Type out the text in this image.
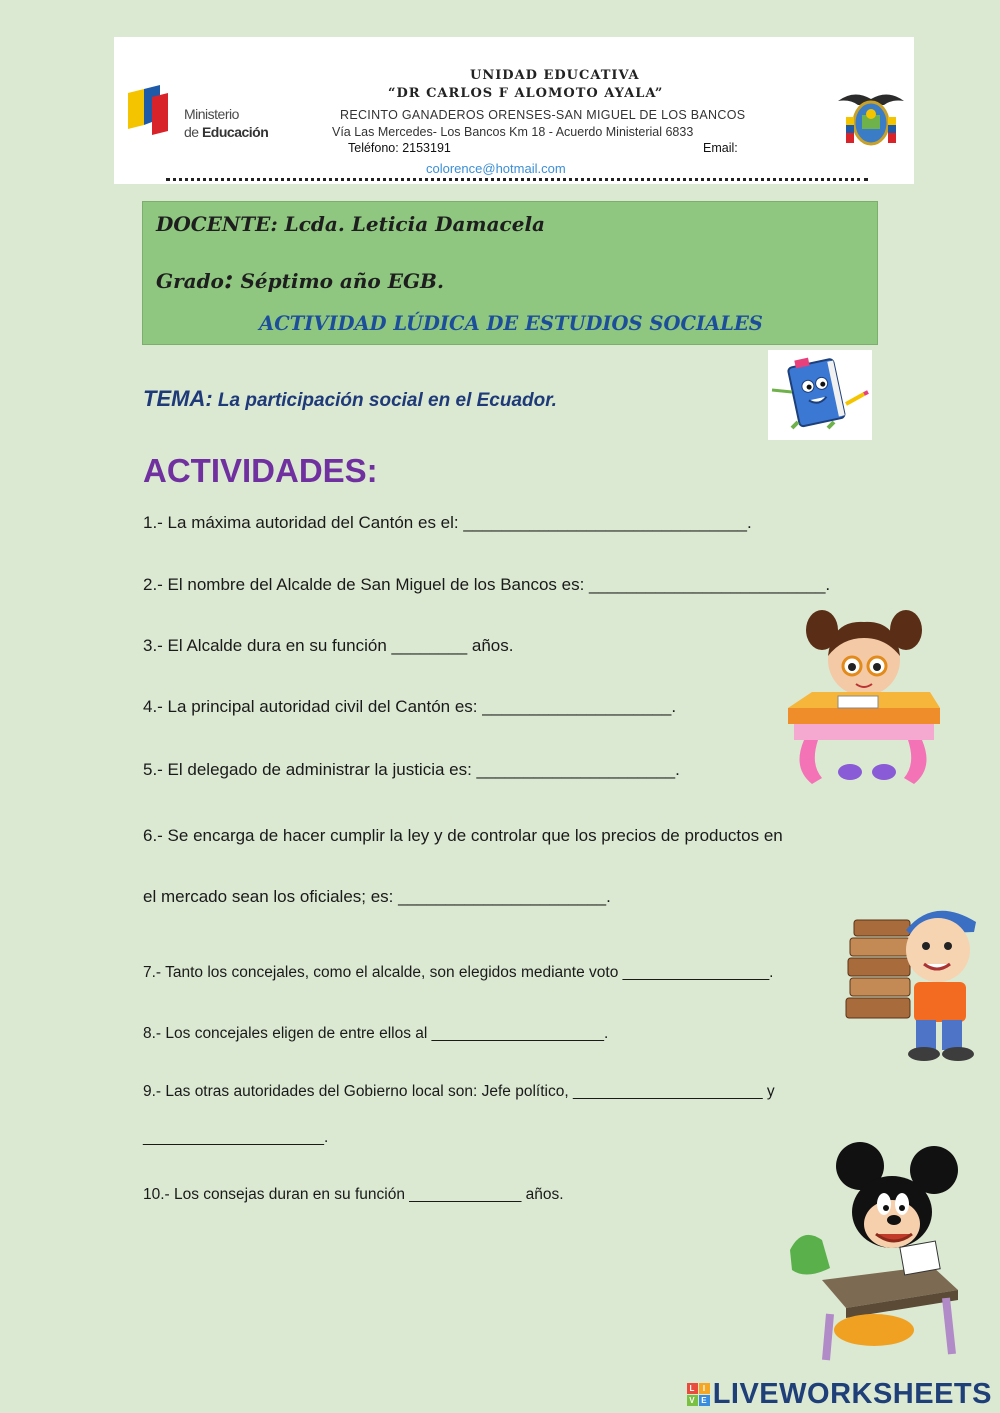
Ministerio
de Educación
UNIDAD EDUCATIVA
“DR CARLOS F ALOMOTO AYALA”
RECINTO GANADEROS ORENSES-SAN MIGUEL DE LOS BANCOS
Vía Las Mercedes- Los Bancos Km 18 - Acuerdo Ministerial 6833
Teléfono: 2153191	Email:
colorence@hotmail.com
DOCENTE: Lcda. Leticia Damacela
Grado: Séptimo año EGB.
ACTIVIDAD LÚDICA DE ESTUDIOS SOCIALES
TEMA: La participación social en el Ecuador.
ACTIVIDADES:
1.- La máxima autoridad del Cantón es el: ______________________________.
2.- El nombre del Alcalde de San Miguel de los Bancos es: _________________________.
3.- El Alcalde dura en su función ________ años.
4.- La principal autoridad civil del Cantón es: ____________________.
5.- El delegado de administrar la justicia es: _____________________.
6.- Se encarga de hacer cumplir la ley y de controlar que los precios de productos en
el mercado sean los oficiales; es: ______________________.
7.- Tanto los concejales, como el alcalde, son elegidos mediante voto _________________.
8.- Los concejales eligen de entre ellos al ____________________.
9.- Las otras autoridades del Gobierno local son: Jefe político, ______________________ y
_____________________.
10.- Los consejas duran en su función _____________ años.
L I
V E LIVEWORKSHEETS
